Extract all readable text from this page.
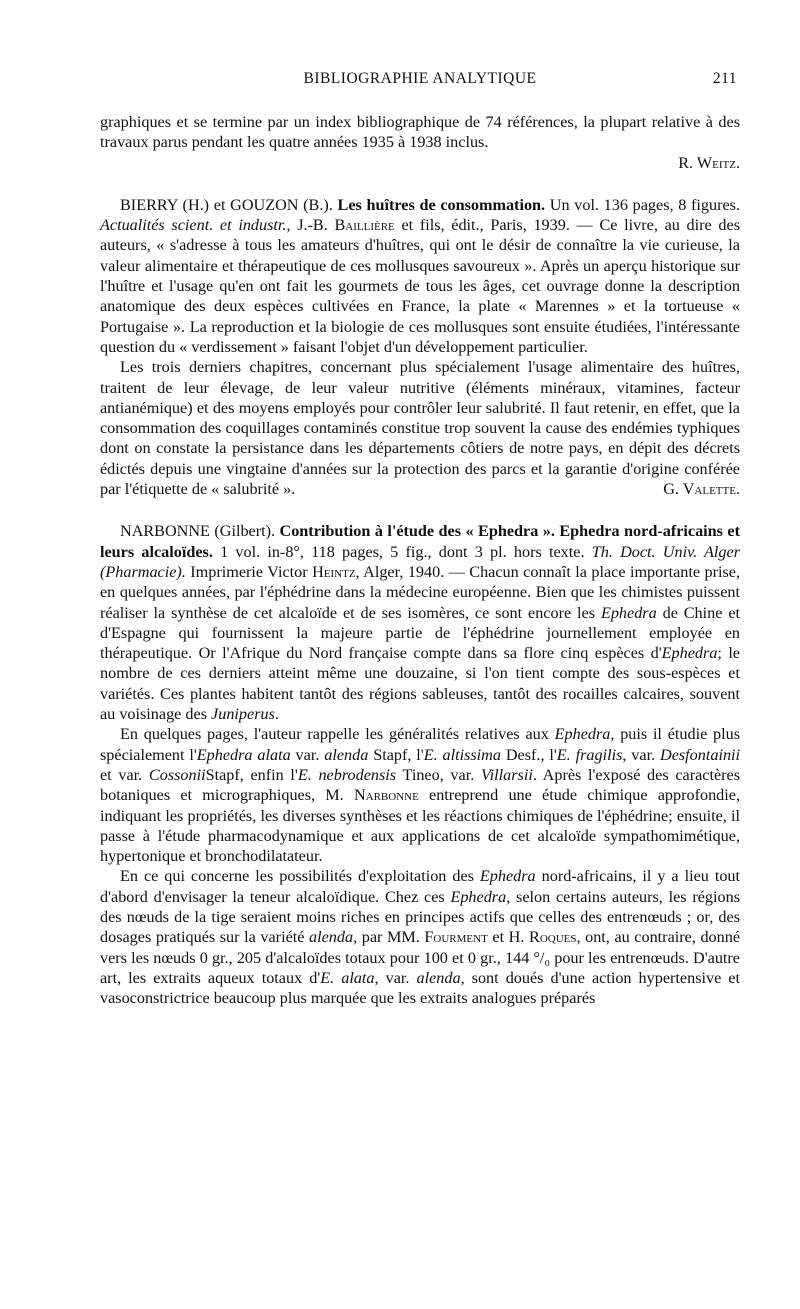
BIBLIOGRAPHIE ANALYTIQUE	211

graphiques et se termine par un index bibliographique de 74 références, la plupart relative à des travaux parus pendant les quatre années 1935 à 1938 inclus.

R. Weitz.

BIERRY (H.) et GOUZON (B.). Les huîtres de consommation. Un vol. 136 pages, 8 figures. Actualités scient. et industr., J.-B. Baillière et fils, édit., Paris, 1939. — Ce livre, au dire des auteurs, « s'adresse à tous les amateurs d'huîtres, qui ont le désir de connaître la vie curieuse, la valeur alimentaire et thérapeutique de ces mollusques savoureux ». Après un aperçu historique sur l'huître et l'usage qu'en ont fait les gourmets de tous les âges, cet ouvrage donne la description anatomique des deux espèces cultivées en France, la plate « Marennes » et la tortueuse « Portugaise ». La reproduction et la biologie de ces mollusques sont ensuite étudiées, l'intéressante question du « verdissement » faisant l'objet d'un développement particulier.

Les trois derniers chapitres, concernant plus spécialement l'usage alimentaire des huîtres, traitent de leur élevage, de leur valeur nutritive (éléments minéraux, vitamines, facteur antianémique) et des moyens employés pour contrôler leur salubrité. Il faut retenir, en effet, que la consommation des coquillages contaminés constitue trop souvent la cause des endémies typhiques dont on constate la persistance dans les départements côtiers de notre pays, en dépit des décrets édictés depuis une vingtaine d'années sur la protection des parcs et la garantie d'origine conférée par l'étiquette de « salubrité ».	G. Valette.

NARBONNE (Gilbert). Contribution à l'étude des « Ephedra ». Ephedra nord-africains et leurs alcaloïdes. 1 vol. in-8°, 118 pages, 5 fig., dont 3 pl. hors texte. Th. Doct. Univ. Alger (Pharmacie). Imprimerie Victor Heintz, Alger, 1940. — Chacun connaît la place importante prise, en quelques années, par l'éphédrine dans la médecine européenne. Bien que les chimistes puissent réaliser la synthèse de cet alcaloïde et de ses isomères, ce sont encore les Ephedra de Chine et d'Espagne qui fournissent la majeure partie de l'éphédrine journellement employée en thérapeutique. Or l'Afrique du Nord française compte dans sa flore cinq espèces d'Ephedra; le nombre de ces derniers atteint même une douzaine, si l'on tient compte des sous-espèces et variétés. Ces plantes habitent tantôt des régions sableuses, tantôt des rocailles calcaires, souvent au voisinage des Juniperus.

En quelques pages, l'auteur rappelle les généralités relatives aux Ephedra, puis il étudie plus spécialement l'Ephedra alata var. alenda Stapf, l'E. altissima Desf., l'E. fragilis, var. Desfontainii et var. CossoniiStapf, enfin l'E. nebrodensis Tineo, var. Villarsii. Après l'exposé des caractères botaniques et micrographiques, M. Narbonne entreprend une étude chimique approfondie, indiquant les propriétés, les diverses synthèses et les réactions chimiques de l'éphédrine; ensuite, il passe à l'étude pharmacodynamique et aux applications de cet alcaloïde sympathomimétique, hypertonique et bronchodilatateur.

En ce qui concerne les possibilités d'exploitation des Ephedra nord-africains, il y a lieu tout d'abord d'envisager la teneur alcaloïdique. Chez ces Ephedra, selon certains auteurs, les régions des nœuds de la tige seraient moins riches en principes actifs que celles des entrenœuds ; or, des dosages pratiqués sur la variété alenda, par MM. Fourment et H. Roques, ont, au contraire, donné vers les nœuds 0 gr., 205 d'alcaloïdes totaux pour 100 et 0 gr., 144 °/₀ pour les entrenœuds. D'autre art, les extraits aqueux totaux d'E. alata, var. alenda, sont doués d'une action hypertensive et vasoconstrictrice beaucoup plus marquée que les extraits analogues préparés
